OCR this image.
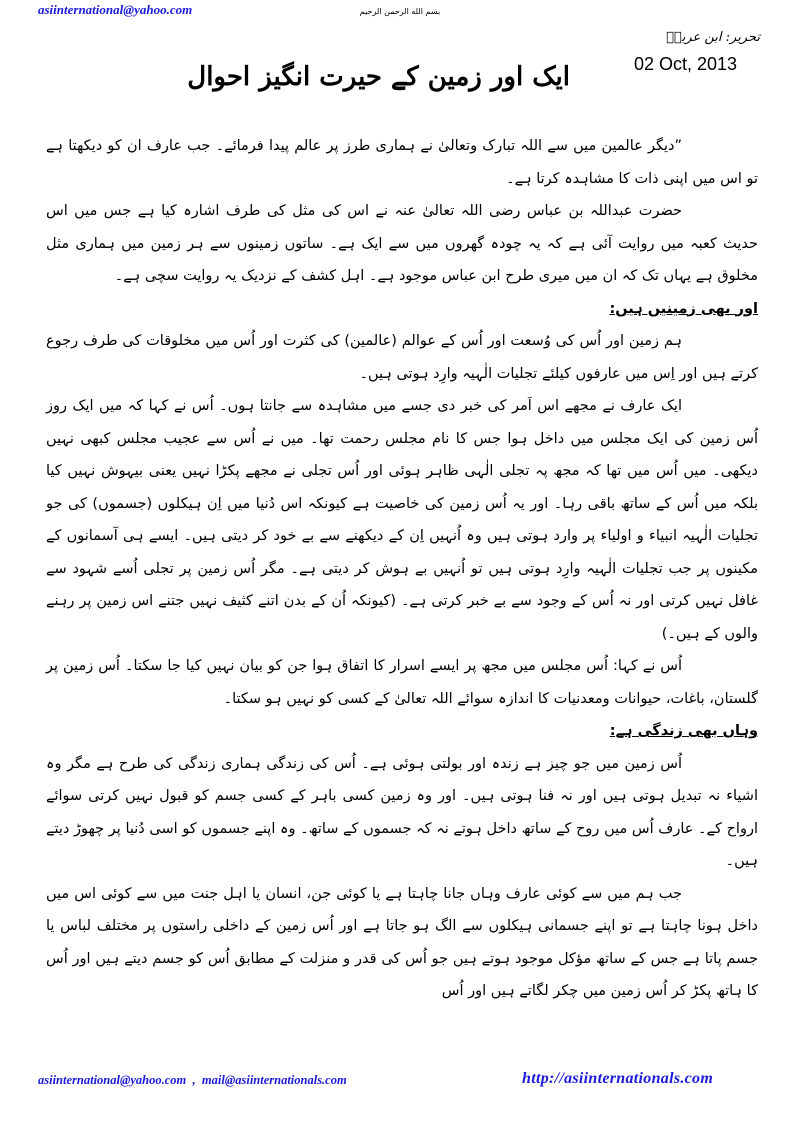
asiinternational@yahoo.com	بسم الله الرحمن الرحیم
ایک اور زمین کے حیرت انگیز احوال
تحریر: ابن عربیؒ
02 Oct, 2013

”دیگر عالمین میں سے اللہ تبارک وتعالیٰ نے ہماری طرز پر عالم پیدا فرمائے۔ جب عارف ان کو دیکھتا ہے تو اس میں اپنی ذات کا مشاہدہ کرتا ہے۔

حضرت عبداللہ بن عباس رضی اللہ تعالیٰ عنہ نے اس کی مثل کی طرف اشارہ کیا ہے جس میں اس حدیث کعبہ میں روایت آئی ہے کہ یہ چودہ گھروں میں سے ایک ہے۔ ساتوں زمینوں سے ہر زمین میں ہماری مثل مخلوق ہے یہاں تک کہ ان میں میری طرح ابن عباس موجود ہے۔ اہل کشف کے نزدیک یہ روایت سچی ہے۔

اور بھی زمینیں ہیں:

ہم زمین اور اُس کی وُسعت اور اُس کے عوالم (عالمین) کی کثرت اور اُس میں مخلوقات کی طرف رجوع کرتے ہیں اور اِس میں عارفوں کیلئے تجلیات الٰہیہ وارِد ہوتی ہیں۔

ایک عارف نے مجھے اس اَمر کی خبر دی جسے میں مشاہدہ سے جانتا ہوں۔ اُس نے کہا کہ میں ایک روز اُس زمین کی ایک مجلس میں داخل ہوا جس کا نام مجلس رحمت تھا۔ میں نے اُس سے عجیب مجلس کبھی نہیں دیکھی۔ میں اُس میں تھا کہ مجھ پہ تجلی الٰہی ظاہر ہوئی اور اُس تجلی نے مجھے پکڑا نہیں یعنی بیہوش نہیں کیا بلکہ میں اُس کے ساتھ باقی رہا۔ اور یہ اُس زمین کی خاصیت ہے کیونکہ اس دُنیا میں اِن ہیکلوں (جسموں) کی جو تجلیات الٰہیہ انبیاء و اولیاء پر وارد ہوتی ہیں وہ اُنہیں اِن کے دیکھنے سے بے خود کر دیتی ہیں۔ ایسے ہی آسمانوں کے مکینوں پر جب تجلیات الٰہیہ وارِد ہوتی ہیں تو اُنہیں بے ہوش کر دیتی ہے۔ مگر اُس زمین پر تجلی اُسے شہود سے غافل نہیں کرتی اور نہ اُس کے وجود سے بے خبر کرتی ہے۔ (کیونکہ اُن کے بدن اتنے کثیف نہیں جتنے اس زمین پر رہنے والوں کے ہیں۔)

اُس نے کہا: اُس مجلس میں مجھ پر ایسے اسرار کا اتفاق ہوا جن کو بیان نہیں کیا جا سکتا۔ اُس زمین پر گلستان، باغات، حیوانات ومعدنیات کا اندازہ سوائے اللہ تعالیٰ کے کسی کو نہیں ہو سکتا۔

وہاں بھی زندگی ہے:

اُس زمین میں جو چیز ہے زندہ اور بولتی ہوئی ہے۔ اُس کی زندگی ہماری زندگی کی طرح ہے مگر وہ اشیاء نہ تبدیل ہوتی ہیں اور نہ فنا ہوتی ہیں۔ اور وہ زمین کسی باہر کے کسی جسم کو قبول نہیں کرتی سوائے ارواح کے۔ عارف اُس میں روح کے ساتھ داخل ہوتے نہ کہ جسموں کے ساتھ۔ وہ اپنے جسموں کو اسی دُنیا پر چھوڑ دیتے ہیں۔

جب ہم میں سے کوئی عارف وہاں جانا چاہتا ہے یا کوئی جن، انسان یا اہل جنت میں سے کوئی اس میں داخل ہونا چاہتا ہے تو اپنے جسمانی ہیکلوں سے الگ ہو جاتا ہے اور اُس زمین کے داخلی راستوں پر مختلف لباس یا جسم پاتا ہے جس کے ساتھ مؤکل موجود ہوتے ہیں جو اُس کی قدر و منزلت کے مطابق اُس کو جسم دیتے ہیں اور اُس کا ہاتھ پکڑ کر اُس زمین میں چکر لگاتے ہیں اور اُس

asiinternational@yahoo.com  ,  mail@asiinternationals.com	http://asiinternationals.com
